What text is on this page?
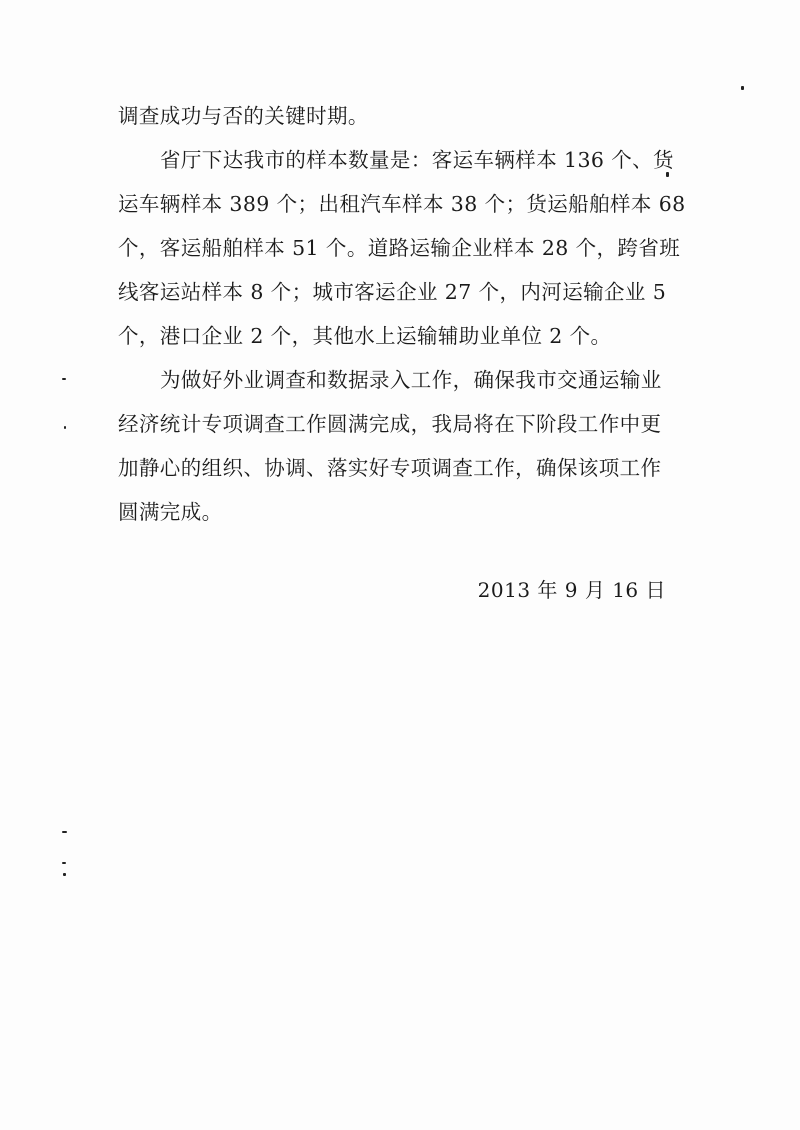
调查成功与否的关键时期。
省厅下达我市的样本数量是：客运车辆样本 136 个、货
运车辆样本 389 个；出租汽车样本 38 个；货运船舶样本 68
个，客运船舶样本 51 个。道路运输企业样本 28 个，跨省班
线客运站样本 8 个；城市客运企业 27 个，内河运输企业 5
个，港口企业 2 个，其他水上运输辅助业单位 2 个。
为做好外业调查和数据录入工作，确保我市交通运输业
经济统计专项调查工作圆满完成，我局将在下阶段工作中更
加静心的组织、协调、落实好专项调查工作，确保该项工作
圆满完成。
2013 年 9 月 16 日
